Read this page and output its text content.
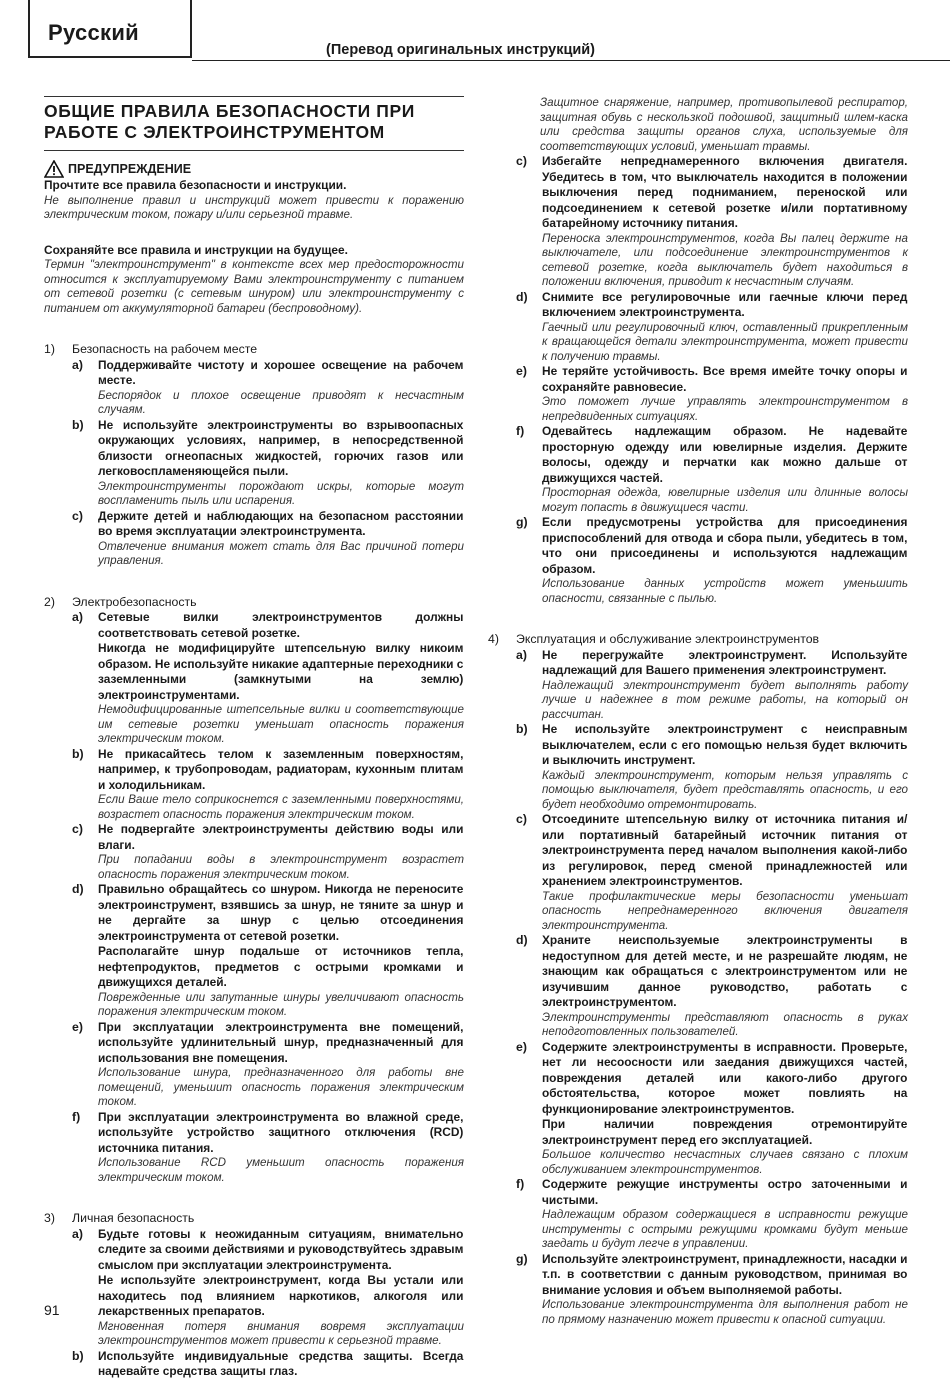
Русский
(Перевод оригинальных инструкций)
ОБЩИЕ ПРАВИЛА БЕЗОПАСНОСТИ ПРИ РАБОТЕ С ЭЛЕКТРОИНСТРУМЕНТОМ
ПРЕДУПРЕЖДЕНИЕ

Прочтите все правила безопасности и инструкции.

Не выполнение правил и инструкций может привести к поражению электрическим током, пожару и/или серьезной травме.

Сохраняйте все правила и инструкции на будущее.

Термин "электроинструмент" в контексте всех мер предосторожности относится к эксплуатируемому Вами электроинструменту с питанием от сетевой розетки (с сетевым шнуром) или электроинструменту с питанием от аккумуляторной батареи (беспроводному).

1)	Безопасность на рабочем месте
a)	Поддерживайте чистоту и хорошее освещение на рабочем месте.

Беспорядок и плохое освещение приводят к несчастным случаям.

b)	Не используйте электроинструменты во взрывоопасных окружающих условиях, например, в непосредственной близости огнеопасных жидкостей, горючих газов или легковоспламеняющейся пыли.

Электроинструменты порождают искры, которые могут воспламенить пыль или испарения.

c)	Держите детей и наблюдающих на безопасном расстоянии во время эксплуатации электроинструмента.

Отвлечение внимания может стать для Вас причиной потери управления.

2)	Электробезопасность
a)	Сетевые вилки электроинструментов должны соответствовать сетевой розетке.

Никогда не модифицируйте штепсельную вилку никоим образом. Не используйте никакие адаптерные переходники с заземленными (замкнутыми на землю) электроинструментами.

Немодифицированные штепсельные вилки и соответствующие им сетевые розетки уменьшат опасность поражения электрическим током.

b)	Не прикасайтесь телом к заземленным поверхностям, например, к трубопроводам, радиаторам, кухонным плитам и холодильникам.

Если Ваше тело соприкоснется с заземленными поверхностями, возрастет опасность поражения электрическим током.

c)	Не подвергайте электроинструменты действию воды или влаги.

При попадании воды в электроинструмент возрастет опасность поражения электрическим током.

d)	Правильно обращайтесь со шнуром. Никогда не переносите электроинструмент, взявшись за шнур, не тяните за шнур и не дергайте за шнур с целью отсоединения электроинструмента от сетевой розетки.

Располагайте шнур подальше от источников тепла, нефтепродуктов, предметов с острыми кромками и движущихся деталей.

Поврежденные или запутанные шнуры увеличивают опасность поражения электрическим током.

e)	При эксплуатации электроинструмента вне помещений, используйте удлинительный шнур, предназначенный для использования вне помещения.

Использование шнура, предназначенного для работы вне помещений, уменьшит опасность поражения электрическим током.

f)	При эксплуатации электроинструмента во влажной среде, используйте устройство защитного отключения (RCD) источника питания.

Использование RCD уменьшит опасность поражения электрическим током.

3)	Личная безопасность
a)	Будьте готовы к неожиданным ситуациям, внимательно следите за своими действиями и руководствуйтесь здравым смыслом при эксплуатации электроинструмента.

Не используйте электроинструмент, когда Вы устали или находитесь под влиянием наркотиков, алкоголя или лекарственных препаратов.

Мгновенная потеря внимания вовремя эксплуатации электроинструментов может привести к серьезной травме.

b)	Используйте индивидуальные средства защиты. Всегда надевайте средства защиты глаз.

Защитное снаряжение, например, противопылевой респиратор, защитная обувь с нескользкой подошвой, защитный шлем-каска или средства защиты органов слуха, используемые для соответствующих условий, уменьшат травмы.

c)	Избегайте непреднамеренного включения двигателя. Убедитесь в том, что выключатель находится в положении выключения перед подниманием, переноской или подсоединением к сетевой розетке и/или портативному батарейному источнику питания.

Переноска электроинструментов, когда Вы палец держите на выключателе, или подсоединение электроинструментов к сетевой розетке, когда выключатель будет находиться в положении включения, приводит к несчастным случаям.

d)	Снимите все регулировочные или гаечные ключи перед включением электроинструмента.

Гаечный или регулировочный ключ, оставленный прикрепленным к вращающейся детали электроинструмента, может привести к получению травмы.

e)	Не теряйте устойчивость. Все время имейте точку опоры и сохраняйте равновесие.

Это поможет лучше управлять электроинструментом в непредвиденных ситуациях.

f)	Одевайтесь надлежащим образом. Не надевайте просторную одежду или ювелирные изделия. Держите волосы, одежду и перчатки как можно дальше от движущихся частей.

Просторная одежда, ювелирные изделия или длинные волосы могут попасть в движущиеся части.

g)	Если предусмотрены устройства для присоединения приспособлений для отвода и сбора пыли, убедитесь в том, что они присоединены и используются надлежащим образом.

Использование данных устройств может уменьшить опасности, связанные с пылью.

4)	Эксплуатация и обслуживание электроинструментов
a)	Не перегружайте электроинструмент. Используйте надлежащий для Вашего применения электроинструмент.

Надлежащий электроинструмент будет выполнять работу лучше и надежнее в том режиме работы, на который он рассчитан.

b)	Не используйте электроинструмент с неисправным выключателем, если с его помощью нельзя будет включить и выключить инструмент.

Каждый электроинструмент, которым нельзя управлять с помощью выключателя, будет представлять опасность, и его будет необходимо отремонтировать.

c)	Отсоедините штепсельную вилку от источника питания и/или портативный батарейный источник питания от электроинструмента перед началом выполнения какой-либо из регулировок, перед сменой принадлежностей или хранением электроинструментов.

Такие профилактические меры безопасности уменьшат опасность непреднамеренного включения двигателя электроинструмента.

d)	Храните неиспользуемые электроинструменты в недоступном для детей месте, и не разрешайте людям, не знающим как обращаться с электроинструментом или не изучившим данное руководство, работать с электроинструментом.

Электроинструменты представляют опасность в руках неподготовленных пользователей.

e)	Содержите электроинструменты в исправности. Проверьте, нет ли несоосности или заедания движущихся частей, повреждения деталей или какого-либо другого обстоятельства, которое может повлиять на функционирование электроинструментов.

При наличии повреждения отремонтируйте электроинструмент перед его эксплуатацией.

Большое количество несчастных случаев связано с плохим обслуживанием электроинструментов.

f)	Содержите режущие инструменты остро заточенными и чистыми.

Надлежащим образом содержащиеся в исправности режущие инструменты с острыми режущими кромками будут меньше заедать и будут легче в управлении.

g)	Используйте электроинструмент, принадлежности, насадки и т.п. в соответствии с данным руководством, принимая во внимание условия и объем выполняемой работы.

Использование электроинструмента для выполнения работ не по прямому назначению может привести к опасной ситуации.

91
